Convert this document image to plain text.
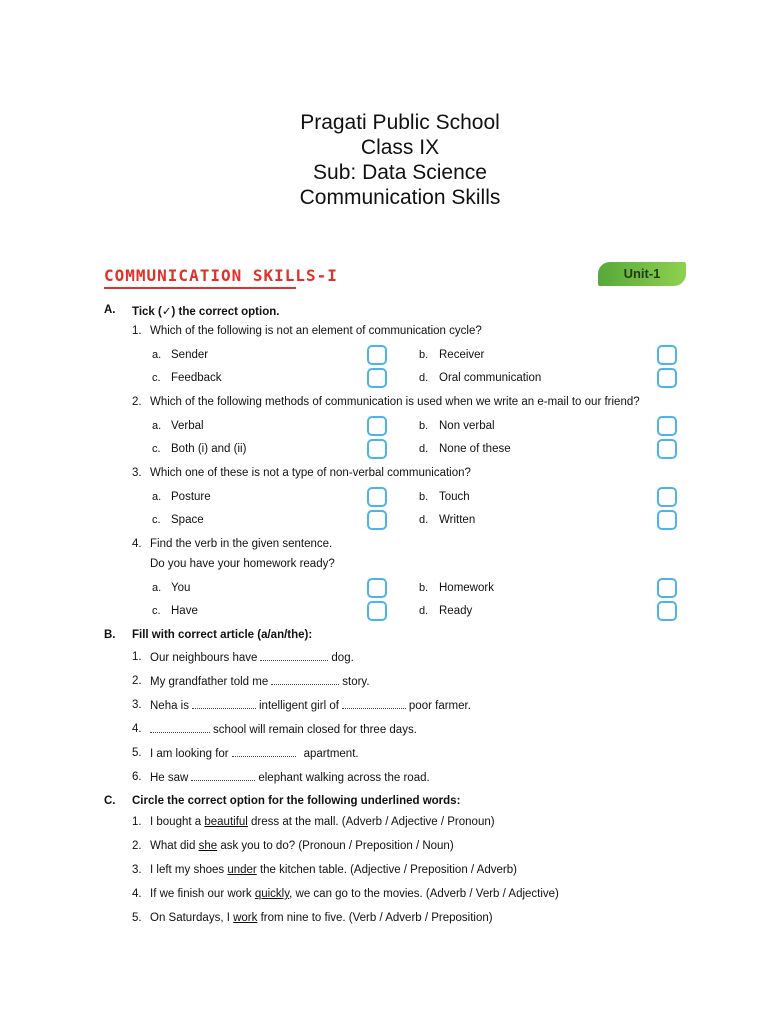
Pragati Public School
Class IX
Sub: Data Science
Communication Skills
COMMUNICATION SKILLS-I	Unit-1
A. Tick (✓) the correct option.
1. Which of the following is not an element of communication cycle?
a. Sender	b. Receiver
c. Feedback	d. Oral communication
2. Which of the following methods of communication is used when we write an e-mail to our friend?
a. Verbal	b. Non verbal
c. Both (i) and (ii)	d. None of these
3. Which one of these is not a type of non-verbal communication?
a. Posture	b. Touch
c. Space	d. Written
4. Find the verb in the given sentence.
Do you have your homework ready?
a. You	b. Homework
c. Have	d. Ready
B. Fill with correct article (a/an/the):
1. Our neighbours have	dog.
2. My grandfather told me	story.
3. Neha is	intelligent girl of	poor farmer.
4.	school will remain closed for three days.
5. I am looking for	apartment.
6. He saw	elephant walking across the road.
C. Circle the correct option for the following underlined words:
1. I bought a beautiful dress at the mall. (Adverb / Adjective / Pronoun)
2. What did she ask you to do? (Pronoun / Preposition / Noun)
3. I left my shoes under the kitchen table. (Adjective / Preposition / Adverb)
4. If we finish our work quickly, we can go to the movies. (Adverb / Verb / Adjective)
5. On Saturdays, I work from nine to five. (Verb / Adverb / Preposition)
